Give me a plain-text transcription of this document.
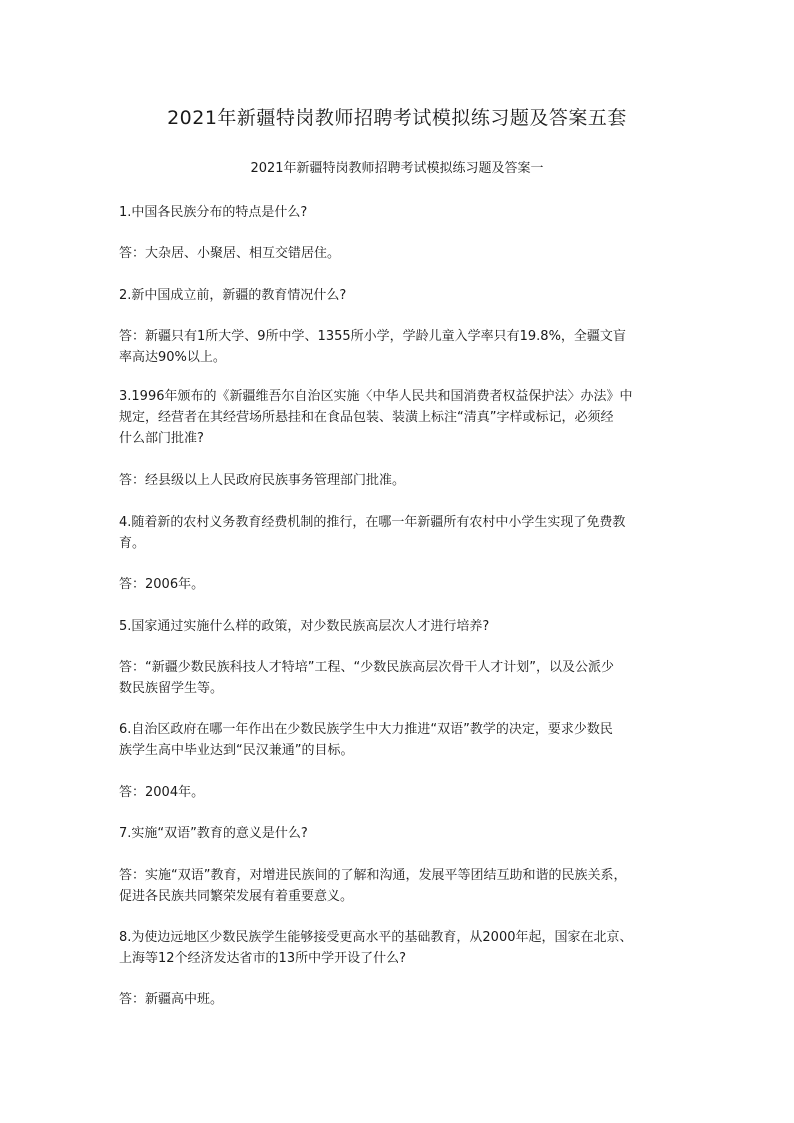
2021年新疆特岗教师招聘考试模拟练习题及答案五套
2021年新疆特岗教师招聘考试模拟练习题及答案一

1.中国各民族分布的特点是什么?

答：大杂居、小聚居、相互交错居住。

2.新中国成立前，新疆的教育情况什么?

答：新疆只有1所大学、9所中学、1355所小学，学龄儿童入学率只有19.8%，全疆文盲
率高达90%以上。

3.1996年颁布的《新疆维吾尔自治区实施〈中华人民共和国消费者权益保护法〉办法》中
规定，经营者在其经营场所悬挂和在食品包装、装潢上标注“清真”字样或标记，必须经
什么部门批准?

答：经县级以上人民政府民族事务管理部门批准。

4.随着新的农村义务教育经费机制的推行，在哪一年新疆所有农村中小学生实现了免费教
育。

答：2006年。

5.国家通过实施什么样的政策，对少数民族高层次人才进行培养?

答：“新疆少数民族科技人才特培”工程、“少数民族高层次骨干人才计划”，以及公派少
数民族留学生等。

6.自治区政府在哪一年作出在少数民族学生中大力推进“双语”教学的决定，要求少数民
族学生高中毕业达到“民汉兼通”的目标。

答：2004年。

7.实施“双语”教育的意义是什么?

答：实施“双语”教育，对增进民族间的了解和沟通，发展平等团结互助和谐的民族关系，
促进各民族共同繁荣发展有着重要意义。

8.为使边远地区少数民族学生能够接受更高水平的基础教育，从2000年起，国家在北京、
上海等12个经济发达省市的13所中学开设了什么?

答：新疆高中班。
